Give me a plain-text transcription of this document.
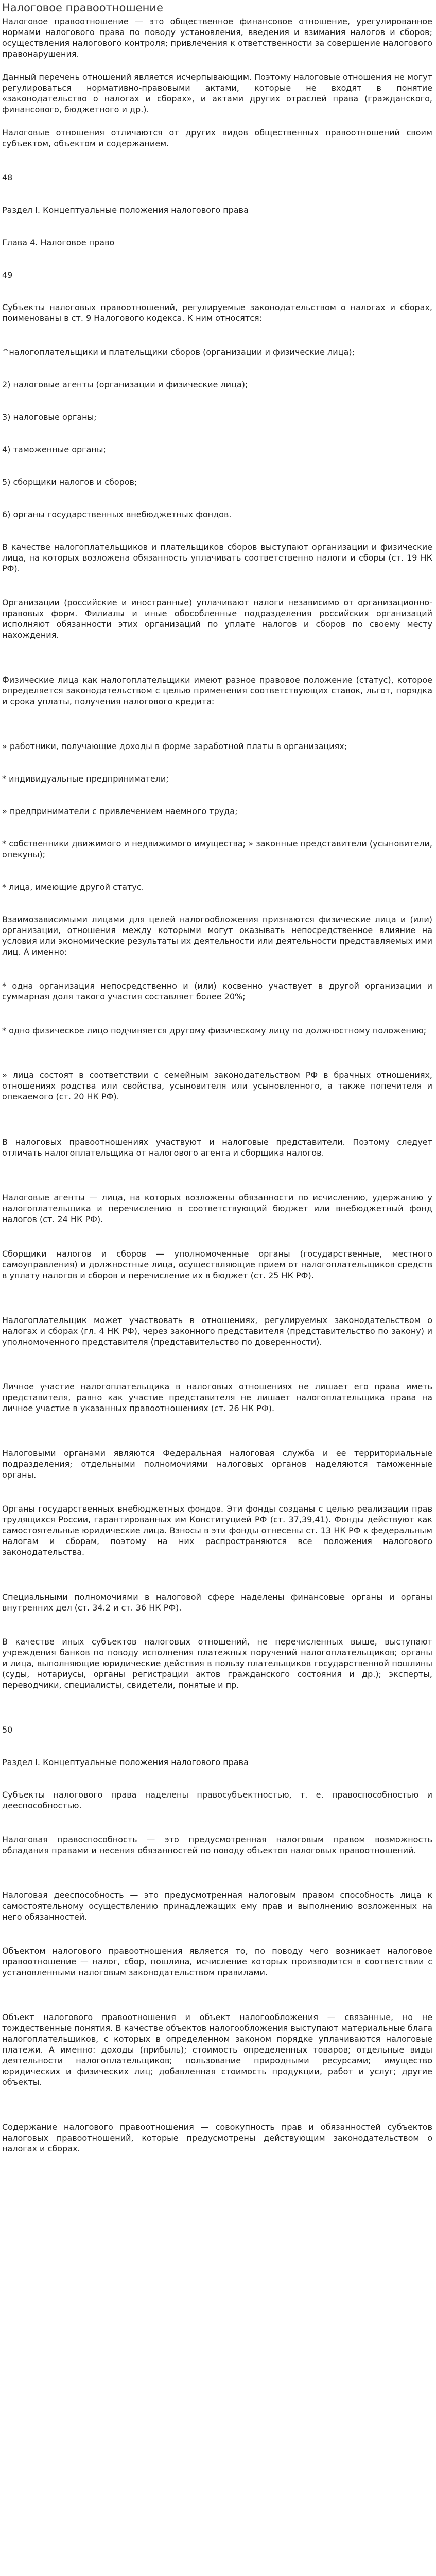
Налоговое правоотношение

Налоговое правоотношение — это общественное финансовое отношение, урегулированное нормами налогового права по поводу установления, введения и взимания налогов и сборов; осуществления налогового контроля; привлечения к ответственности за совершение налогового правонарушения.

Данный перечень отношений является исчерпывающим. Поэтому налоговые отношения не могут регулироваться нормативно-правовыми актами, которые не входят в понятие «законодательство о налогах и сборах», и актами других отраслей права (гражданского, финансового, бюджетного и др.).

Налоговые отношения отличаются от других видов общественных правоотношений своим субъектом, объектом и содержанием.

48

Раздел I. Концептуальные положения налогового права

Глава 4. Налоговое право

49

Субъекты налоговых правоотношений, регулируемые законодательством о налогах и сборах, поименованы в ст. 9 Налогового кодекса. К ним относятся:

^налогоплательщики и плательщики сборов (организации и физические лица);

2) налоговые агенты (организации и физические лица);

3) налоговые органы;

4) таможенные органы;

5) сборщики налогов и сборов;

6) органы государственных внебюджетных фондов.

В качестве налогоплательщиков и плательщиков сборов выступают организации и физические лица, на которых возложена обязанность уплачивать соответственно налоги и сборы (ст. 19 НК РФ).

Организации (российские и иностранные) уплачивают налоги независимо от организационно-правовых форм. Филиалы и иные обособленные подразделения российских организаций исполняют обязанности этих организаций по уплате налогов и сборов по своему месту нахождения.

Физические лица как налогоплательщики имеют разное правовое положение (статус), которое определяется законодательством с целью применения соответствующих ставок, льгот, порядка и срока уплаты, получения налогового кредита:

» работники, получающие доходы в форме заработной платы в организациях;

* индивидуальные предприниматели;

» предприниматели с привлечением наемного труда;

* собственники движимого и недвижимого имущества; » законные представители (усыновители, опекуны);

* лица, имеющие другой статус.

Взаимозависимыми лицами для целей налогообложения признаются физические лица и (или) организации, отношения между которыми могут оказывать непосредственное влияние на условия или экономические результаты их деятельности или деятельности представляемых ими лиц. А именно:

* одна организация непосредственно и (или) косвенно участвует в другой организации и суммарная доля такого участия составляет более 20%;

* одно физическое лицо подчиняется другому физическому лицу по должностному положению;

» лица состоят в соответствии с семейным законодательством РФ в брачных отношениях, отношениях родства или свойства, усыновителя или усыновленного, а также попечителя и опекаемого (ст. 20 НК РФ).

В налоговых правоотношениях участвуют и налоговые представители. Поэтому следует отличать налогоплательщика от налогового агента и сборщика налогов.

Налоговые агенты — лица, на которых возложены обязанности по исчислению, удержанию у налогоплательщика и перечислению в соответствующий бюджет или внебюджетный фонд налогов (ст. 24 НК РФ).

Сборщики налогов и сборов — уполномоченные органы (государственные, местного самоуправления) и должностные лица, осуществляющие прием от налогоплательщиков средств в уплату налогов и сборов и перечисление их в бюджет (ст. 25 НК РФ).

Налогоплательщик может участвовать в отношениях, регулируемых законодательством о налогах и сборах (гл. 4 НК РФ), через законного представителя (представительство по закону) и уполномоченного представителя (представительство по доверенности).

Личное участие налогоплательщика в налоговых отношениях не лишает его права иметь представителя, равно как участие представителя не лишает налогоплательщика права на личное участие в указанных правоотношениях (ст. 26 НК РФ).

Налоговыми органами являются Федеральная налоговая служба и ее территориальные подразделения; отдельными полномочиями налоговых органов наделяются таможенные органы.

Органы государственных внебюджетных фондов. Эти фонды созданы с целью реализации прав трудящихся России, гарантированных им Конституцией РФ (ст. 37,39,41). Фонды действуют как самостоятельные юридические лица. Взносы в эти фонды отнесены ст. 13 НК РФ к федеральным налогам и сборам, поэтому на них распространяются все положения налогового законодательства.

Специальными полномочиями в налоговой сфере наделены финансовые органы и органы внутренних дел (ст. 34.2 и ст. 36 НК РФ).

В качестве иных субъектов налоговых отношений, не перечисленных выше, выступают учреждения банков по поводу исполнения платежных поручений налогоплательщиков; органы и лица, выполняющие юридические действия в пользу плательщиков государственной пошлины (суды, нотариусы, органы регистрации актов гражданского состояния и др.); эксперты, переводчики, специалисты, свидетели, понятые и пр.

50

Раздел I. Концептуальные положения налогового права

Субъекты налогового права наделены правосубъектностью, т. е. правоспособностью и дееспособностью.

Налоговая правоспособность — это предусмотренная налоговым правом возможность обладания правами и несения обязанностей по поводу объектов налоговых правоотношений.

Налоговая дееспособность — это предусмотренная налоговым правом способность лица к самостоятельному осуществлению принадлежащих ему прав и выполнению возложенных на него обязанностей.

Объектом налогового правоотношения является то, по поводу чего возникает налоговое правоотношение — налог, сбор, пошлина, исчисление которых производится в соответствии с установленными налоговым законодательством правилами.

Объект налогового правоотношения и объект налогообложения — связанные, но не тождественные понятия. В качестве объектов налогообложения выступают материальные блага налогоплательщиков, с которых в определенном законом порядке уплачиваются налоговые платежи. А именно: доходы (прибыль); стоимость определенных товаров; отдельные виды деятельности налогоплательщиков; пользование природными ресурсами; имущество юридических и физических лиц; добавленная стоимость продукции, работ и услуг; другие объекты.

Содержание налогового правоотношения — совокупность прав и обязанностей субъектов налоговых правоотношений, которые предусмотрены действующим законодательством о налогах и сборах.
